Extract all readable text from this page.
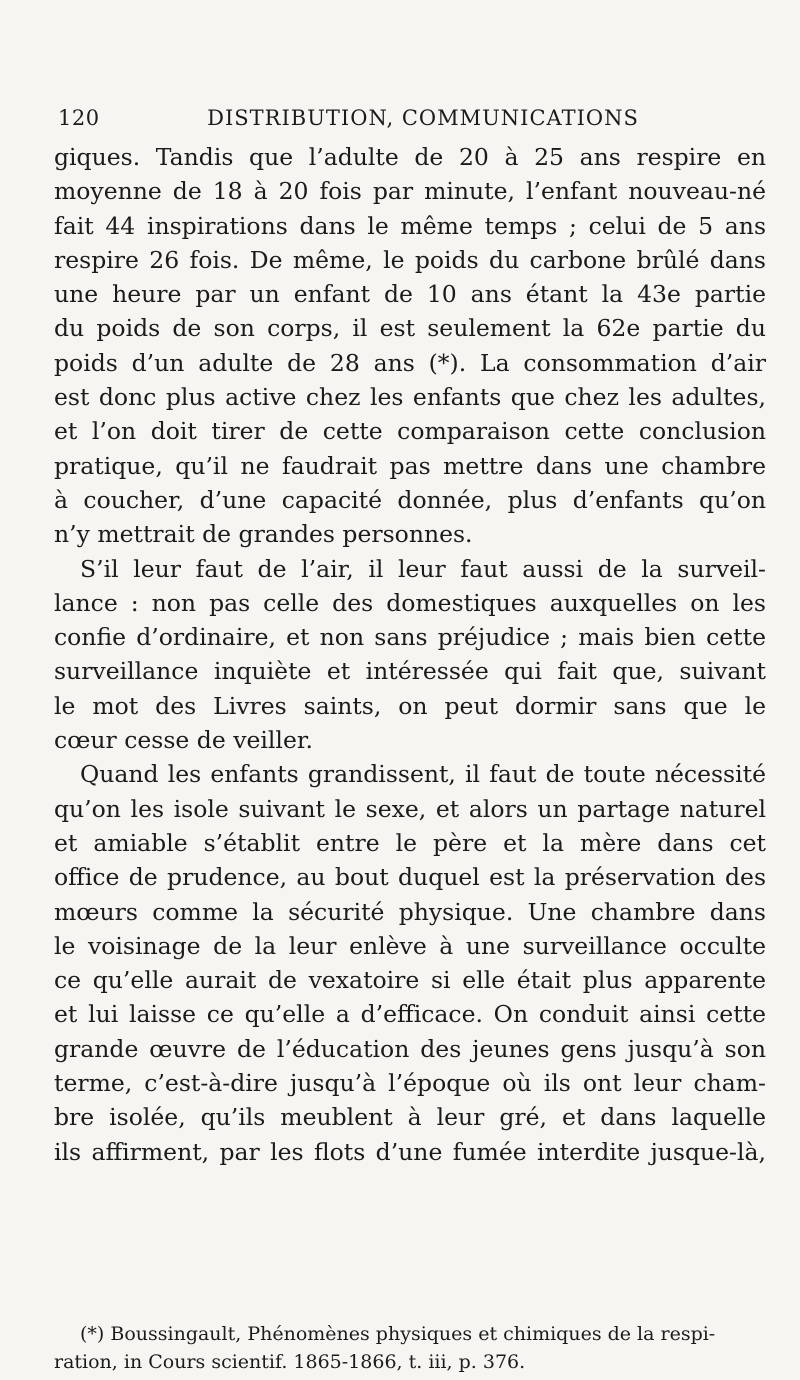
120	DISTRIBUTION, COMMUNICATIONS
giques. Tandis que l’adulte de 20 à 25 ans respire en
moyenne de 18 à 20 fois par minute, l’enfant nouveau-né
fait 44 inspirations dans le même temps ; celui de 5 ans
respire 26 fois. De même, le poids du carbone brûlé dans
une heure par un enfant de 10 ans étant la 43e partie
du poids de son corps, il est seulement la 62e partie du
poids d’un adulte de 28 ans (*). La consommation d’air
est donc plus active chez les enfants que chez les adultes,
et l’on doit tirer de cette comparaison cette conclusion
pratique, qu’il ne faudrait pas mettre dans une chambre
à coucher, d’une capacité donnée, plus d’enfants qu’on
n’y mettrait de grandes personnes.
S’il leur faut de l’air, il leur faut aussi de la surveil-
lance : non pas celle des domestiques auxquelles on les
confie d’ordinaire, et non sans préjudice ; mais bien cette
surveillance inquiète et intéressée qui fait que, suivant
le mot des Livres saints, on peut dormir sans que le
cœur cesse de veiller.
Quand les enfants grandissent, il faut de toute nécessité
qu’on les isole suivant le sexe, et alors un partage naturel
et amiable s’établit entre le père et la mère dans cet
office de prudence, au bout duquel est la préservation des
mœurs comme la sécurité physique. Une chambre dans
le voisinage de la leur enlève à une surveillance occulte
ce qu’elle aurait de vexatoire si elle était plus apparente
et lui laisse ce qu’elle a d’efficace. On conduit ainsi cette
grande œuvre de l’éducation des jeunes gens jusqu’à son
terme, c’est-à-dire jusqu’à l’époque où ils ont leur cham-
bre isolée, qu’ils meublent à leur gré, et dans laquelle
ils affirment, par les flots d’une fumée interdite jusque-là,
(*) Boussingault, Phénomènes physiques et chimiques de la respi-
ration, in Cours scientif. 1865-1866, t. iii, p. 376.
